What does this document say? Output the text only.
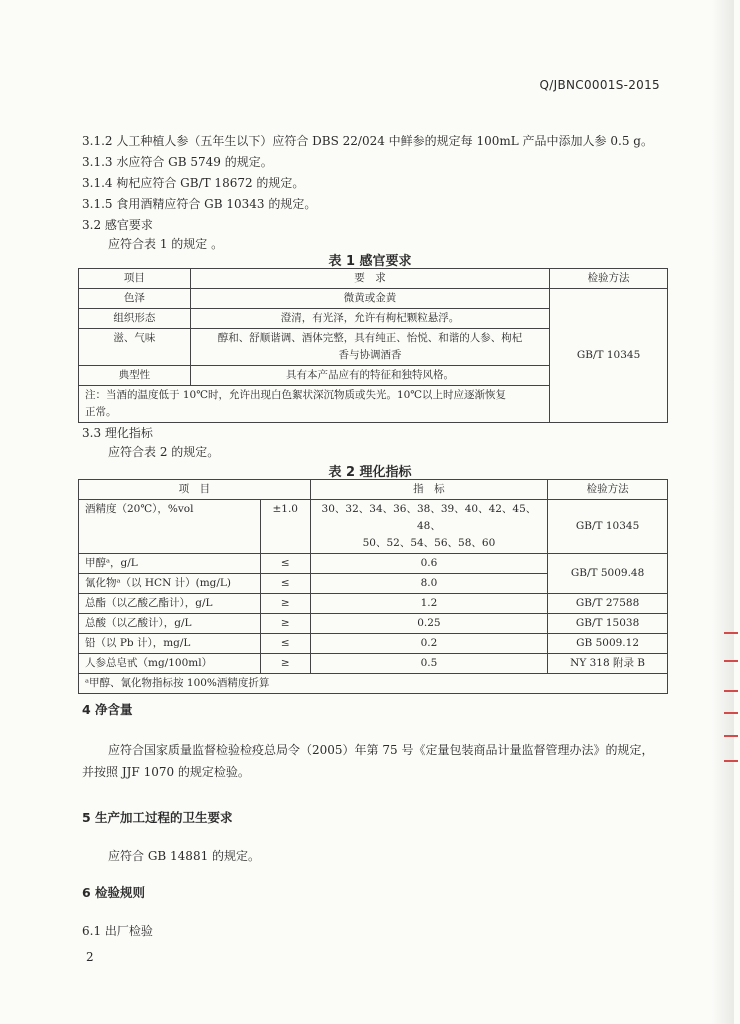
Q/JBNC0001S-2015
3.1.2 人工种植人参（五年生以下）应符合 DBS 22/024 中鲜参的规定每 100mL 产品中添加人参 0.5 g。
3.1.3 水应符合 GB 5749 的规定。
3.1.4 枸杞应符合 GB/T 18672 的规定。
3.1.5 食用酒精应符合 GB 10343 的规定。
3.2 感官要求
应符合表 1 的规定 。
表 1 感官要求
项目	要　求	检验方法
色泽	微黄或金黄	GB/T 10345
组织形态	澄清，有光泽，允许有枸杞颗粒悬浮。	
滋、气味	醇和、舒顺谐调、酒体完整，具有纯正、怡悦、和谐的人参、枸杞
香与协调酒香	
典型性	具有本产品应有的特征和独特风格。	
注：当酒的温度低于 10℃时，允许出现白色絮状深沉物质或失光。10℃以上时应逐渐恢复
正常。		
3.3 理化指标
应符合表 2 的规定。
表 2 理化指标
项　目		指　标	检验方法
酒精度（20℃），%vol	±1.0	30、32、34、36、38、39、40、42、45、48、
50、52、54、56、58、60	GB/T 10345
甲醇ᵃ，g/L	≤	0.6	GB/T 5009.48
氰化物ᵃ（以 HCN 计）(mg/L)	≤	8.0	
总酯（以乙酸乙酯计），g/L	≥	1.2	GB/T 27588
总酸（以乙酸计），g/L	≥	0.25	GB/T 15038
铅（以 Pb 计），mg/L	≤	0.2	GB 5009.12
人参总皂甙（mg/100ml）	≥	0.5	NY 318 附录 B
ᵃ甲醇、氰化物指标按 100%酒精度折算			
4 净含量
应符合国家质量监督检验检疫总局令（2005）年第 75 号《定量包装商品计量监督管理办法》的规定，
并按照 JJF 1070 的规定检验。
5 生产加工过程的卫生要求
应符合 GB 14881 的规定。
6 检验规则
6.1 出厂检验
2
